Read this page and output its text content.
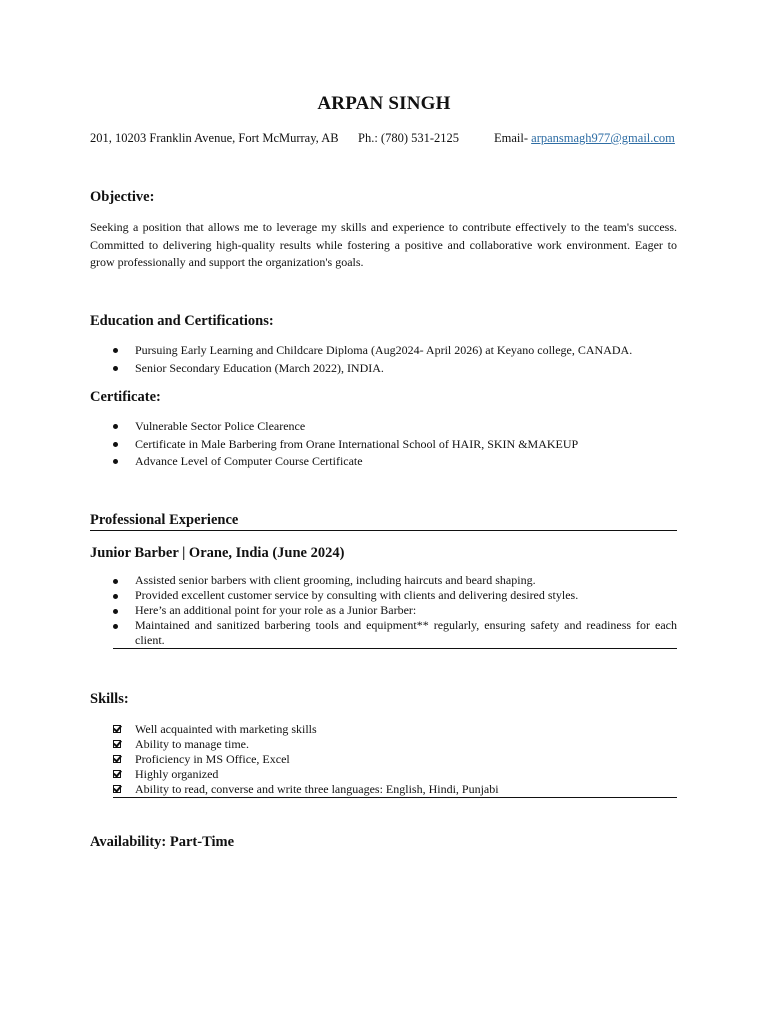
ARPAN SINGH
201, 10203 Franklin Avenue, Fort McMurray, AB Ph.: (780) 531-2125	Email- arpansmagh977@gmail.com
Objective:
Seeking a position that allows me to leverage my skills and experience to contribute effectively to the team's success. Committed to delivering high-quality results while fostering a positive and collaborative work environment. Eager to grow professionally and support the organization's goals.
Education and Certifications:
Pursuing Early Learning and Childcare Diploma (Aug2024- April 2026) at Keyano college, CANADA.
Senior Secondary Education (March 2022), INDIA.
Certificate:
Vulnerable Sector Police Clearence
Certificate in Male Barbering from Orane International School of HAIR, SKIN &MAKEUP
Advance Level of Computer Course Certificate
Professional Experience
Junior Barber | Orane, India (June 2024)
Assisted senior barbers with client grooming, including haircuts and beard shaping.
Provided excellent customer service by consulting with clients and delivering desired styles.
Here’s an additional point for your role as a Junior Barber:
Maintained and sanitized barbering tools and equipment** regularly, ensuring safety and readiness for each client.
Skills:
Well acquainted with marketing skills
Ability to manage time.
Proficiency in MS Office, Excel
Highly organized
Ability to read, converse and write three languages: English, Hindi, Punjabi
Availability: Part-Time
